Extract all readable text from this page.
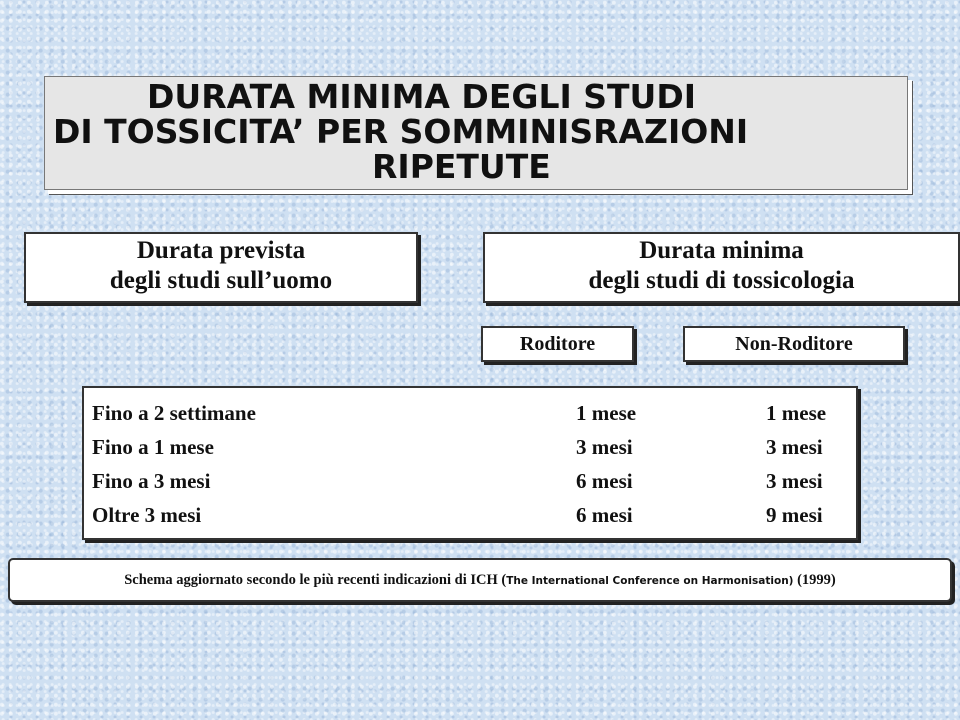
DURATA MINIMA DEGLI STUDI
DI TOSSICITA’ PER SOMMINISRAZIONI
RIPETUTE
Durata prevista
degli studi sull’uomo
Durata minima
degli studi di tossicologia
Roditore	Non-Roditore
Fino a 2 settimane	1 mese	1 mese
Fino a 1 mese	3 mesi	3 mesi
Fino a 3 mesi	6 mesi	3 mesi
Oltre 3 mesi	6 mesi	9 mesi
Schema aggiornato secondo le più recenti indicazioni di ICH (The International Conference on Harmonisation) (1999)
